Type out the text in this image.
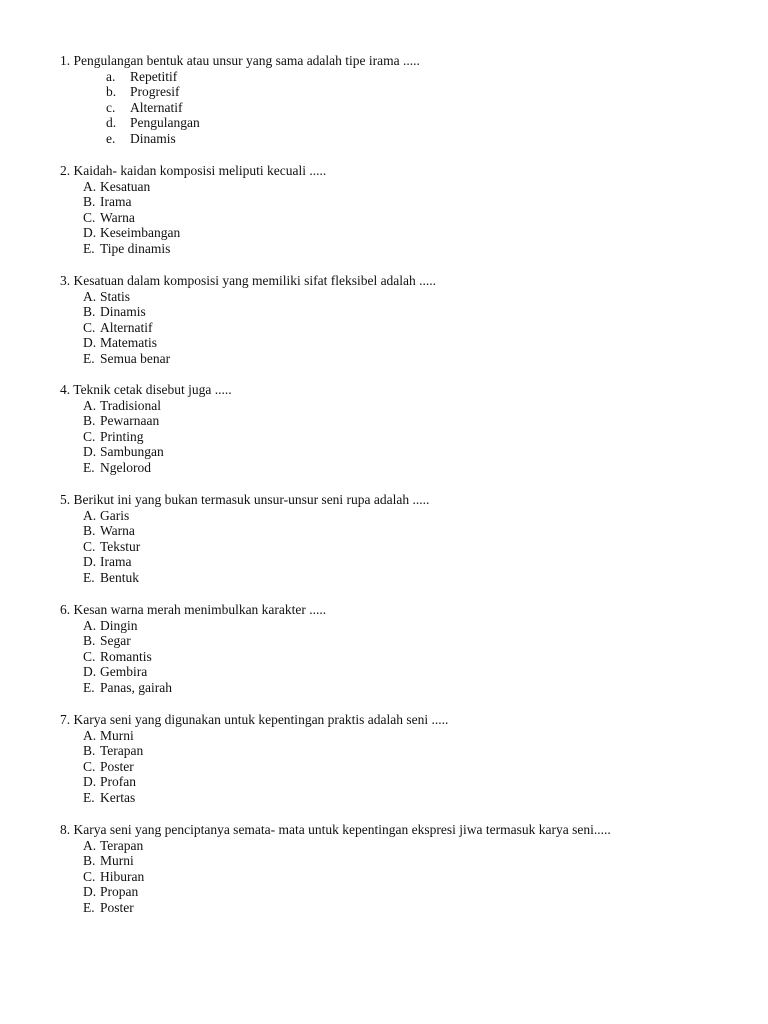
1. Pengulangan bentuk atau unsur yang sama adalah tipe irama .....
a. Repetitif
b. Progresif
c. Alternatif
d. Pengulangan
e. Dinamis
2. Kaidah- kaidan komposisi meliputi kecuali .....
A. Kesatuan
B. Irama
C. Warna
D. Keseimbangan
E. Tipe dinamis
3. Kesatuan dalam komposisi yang memiliki sifat fleksibel adalah .....
A. Statis
B. Dinamis
C. Alternatif
D. Matematis
E. Semua benar
4. Teknik cetak disebut juga .....
A. Tradisional
B. Pewarnaan
C. Printing
D. Sambungan
E. Ngelorod
5. Berikut ini yang bukan termasuk unsur-unsur seni rupa adalah .....
A. Garis
B. Warna
C. Tekstur
D. Irama
E. Bentuk
6. Kesan warna merah menimbulkan karakter .....
A. Dingin
B. Segar
C. Romantis
D. Gembira
E. Panas, gairah
7. Karya seni yang digunakan untuk kepentingan praktis adalah seni .....
A. Murni
B. Terapan
C. Poster
D. Profan
E. Kertas
8. Karya seni yang penciptanya semata- mata untuk kepentingan ekspresi jiwa termasuk karya seni.....
A. Terapan
B. Murni
C. Hiburan
D. Propan
E. Poster
